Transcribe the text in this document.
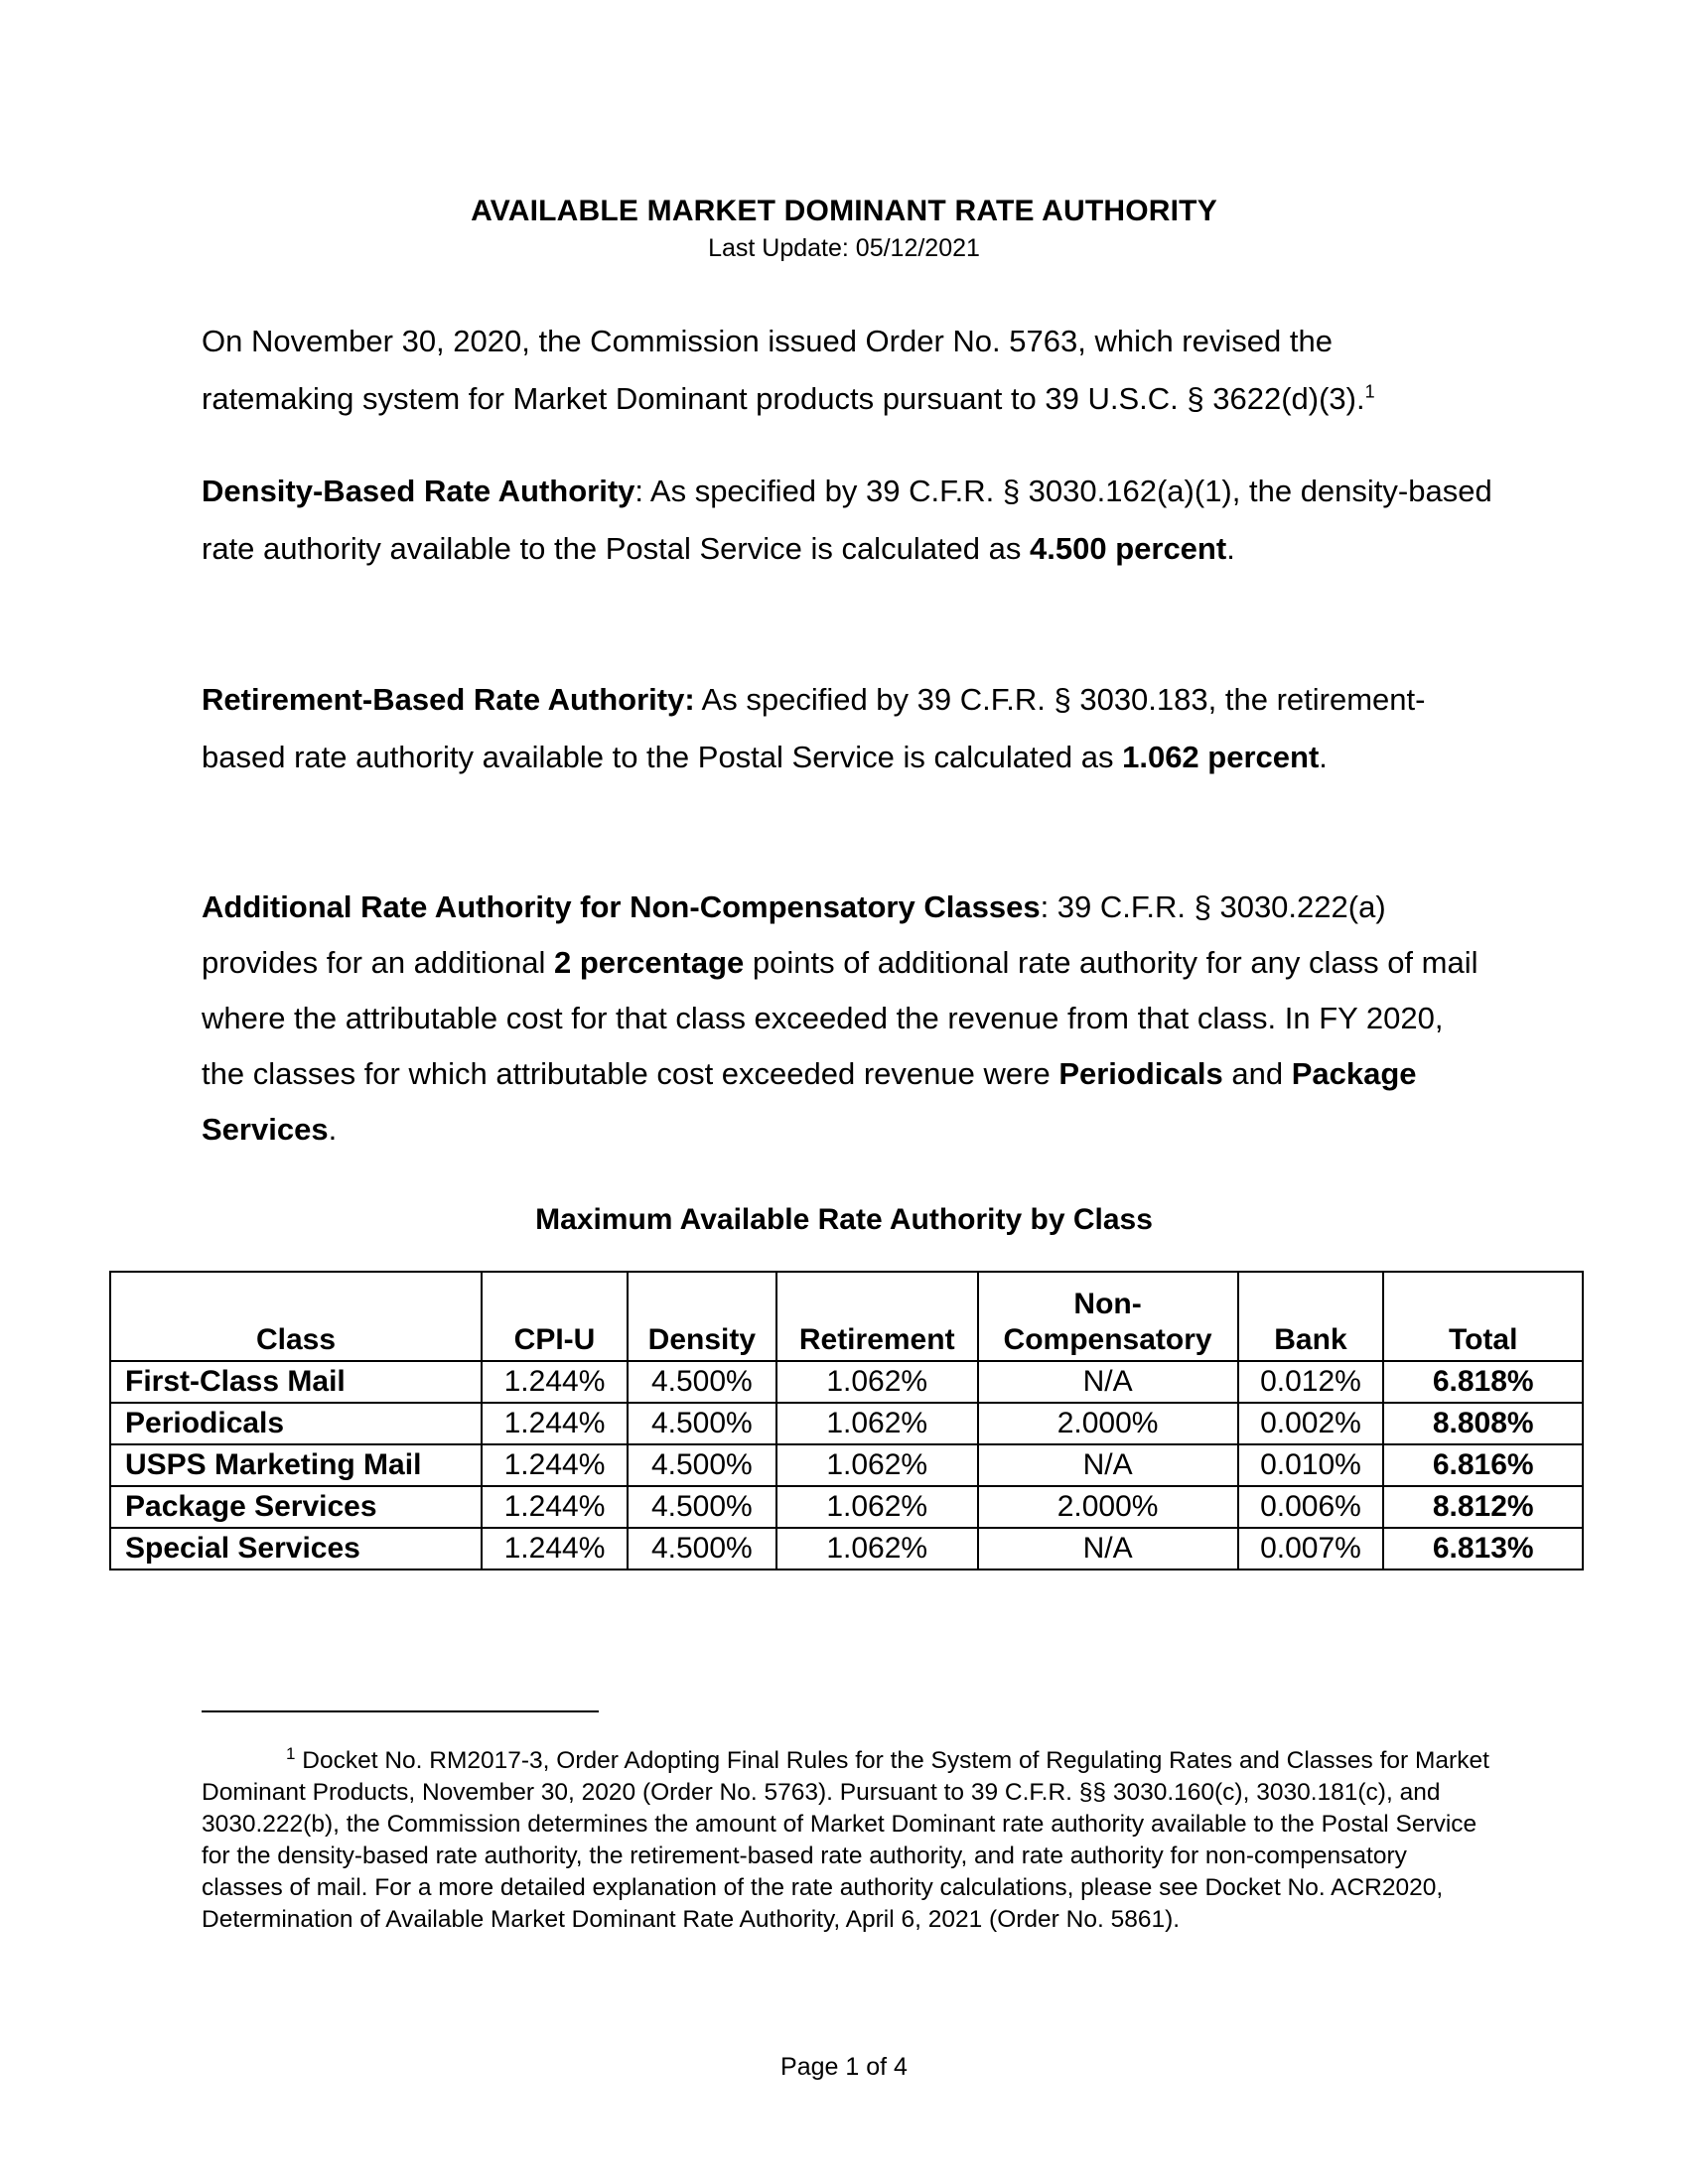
AVAILABLE MARKET DOMINANT RATE AUTHORITY
Last Update: 05/12/2021
On November 30, 2020, the Commission issued Order No. 5763, which revised the ratemaking system for Market Dominant products pursuant to 39 U.S.C. § 3622(d)(3).$^1$
Density-Based Rate Authority: As specified by 39 C.F.R. § 3030.162(a)(1), the density-based rate authority available to the Postal Service is calculated as 4.500 percent.
Retirement-Based Rate Authority: As specified by 39 C.F.R. § 3030.183, the retirement-based rate authority available to the Postal Service is calculated as 1.062 percent.
Additional Rate Authority for Non-Compensatory Classes: 39 C.F.R. § 3030.222(a) provides for an additional 2 percentage points of additional rate authority for any class of mail where the attributable cost for that class exceeded the revenue from that class. In FY 2020, the classes for which attributable cost exceeded revenue were Periodicals and Package Services.
Maximum Available Rate Authority by Class
Class	CPI-U	Density	Retirement	Non-Compensatory	Bank	Total
First-Class Mail	1.244%	4.500%	1.062%	N/A	0.012%	6.818%
Periodicals	1.244%	4.500%	1.062%	2.000%	0.002%	8.808%
USPS Marketing Mail	1.244%	4.500%	1.062%	N/A	0.010%	6.816%
Package Services	1.244%	4.500%	1.062%	2.000%	0.006%	8.812%
Special Services	1.244%	4.500%	1.062%	N/A	0.007%	6.813%
$^1$ Docket No. RM2017-3, Order Adopting Final Rules for the System of Regulating Rates and Classes for Market Dominant Products, November 30, 2020 (Order No. 5763). Pursuant to 39 C.F.R. §§ 3030.160(c), 3030.181(c), and 3030.222(b), the Commission determines the amount of Market Dominant rate authority available to the Postal Service for the density-based rate authority, the retirement-based rate authority, and rate authority for non-compensatory classes of mail. For a more detailed explanation of the rate authority calculations, please see Docket No. ACR2020, Determination of Available Market Dominant Rate Authority, April 6, 2021 (Order No. 5861).
Page 1 of 4
